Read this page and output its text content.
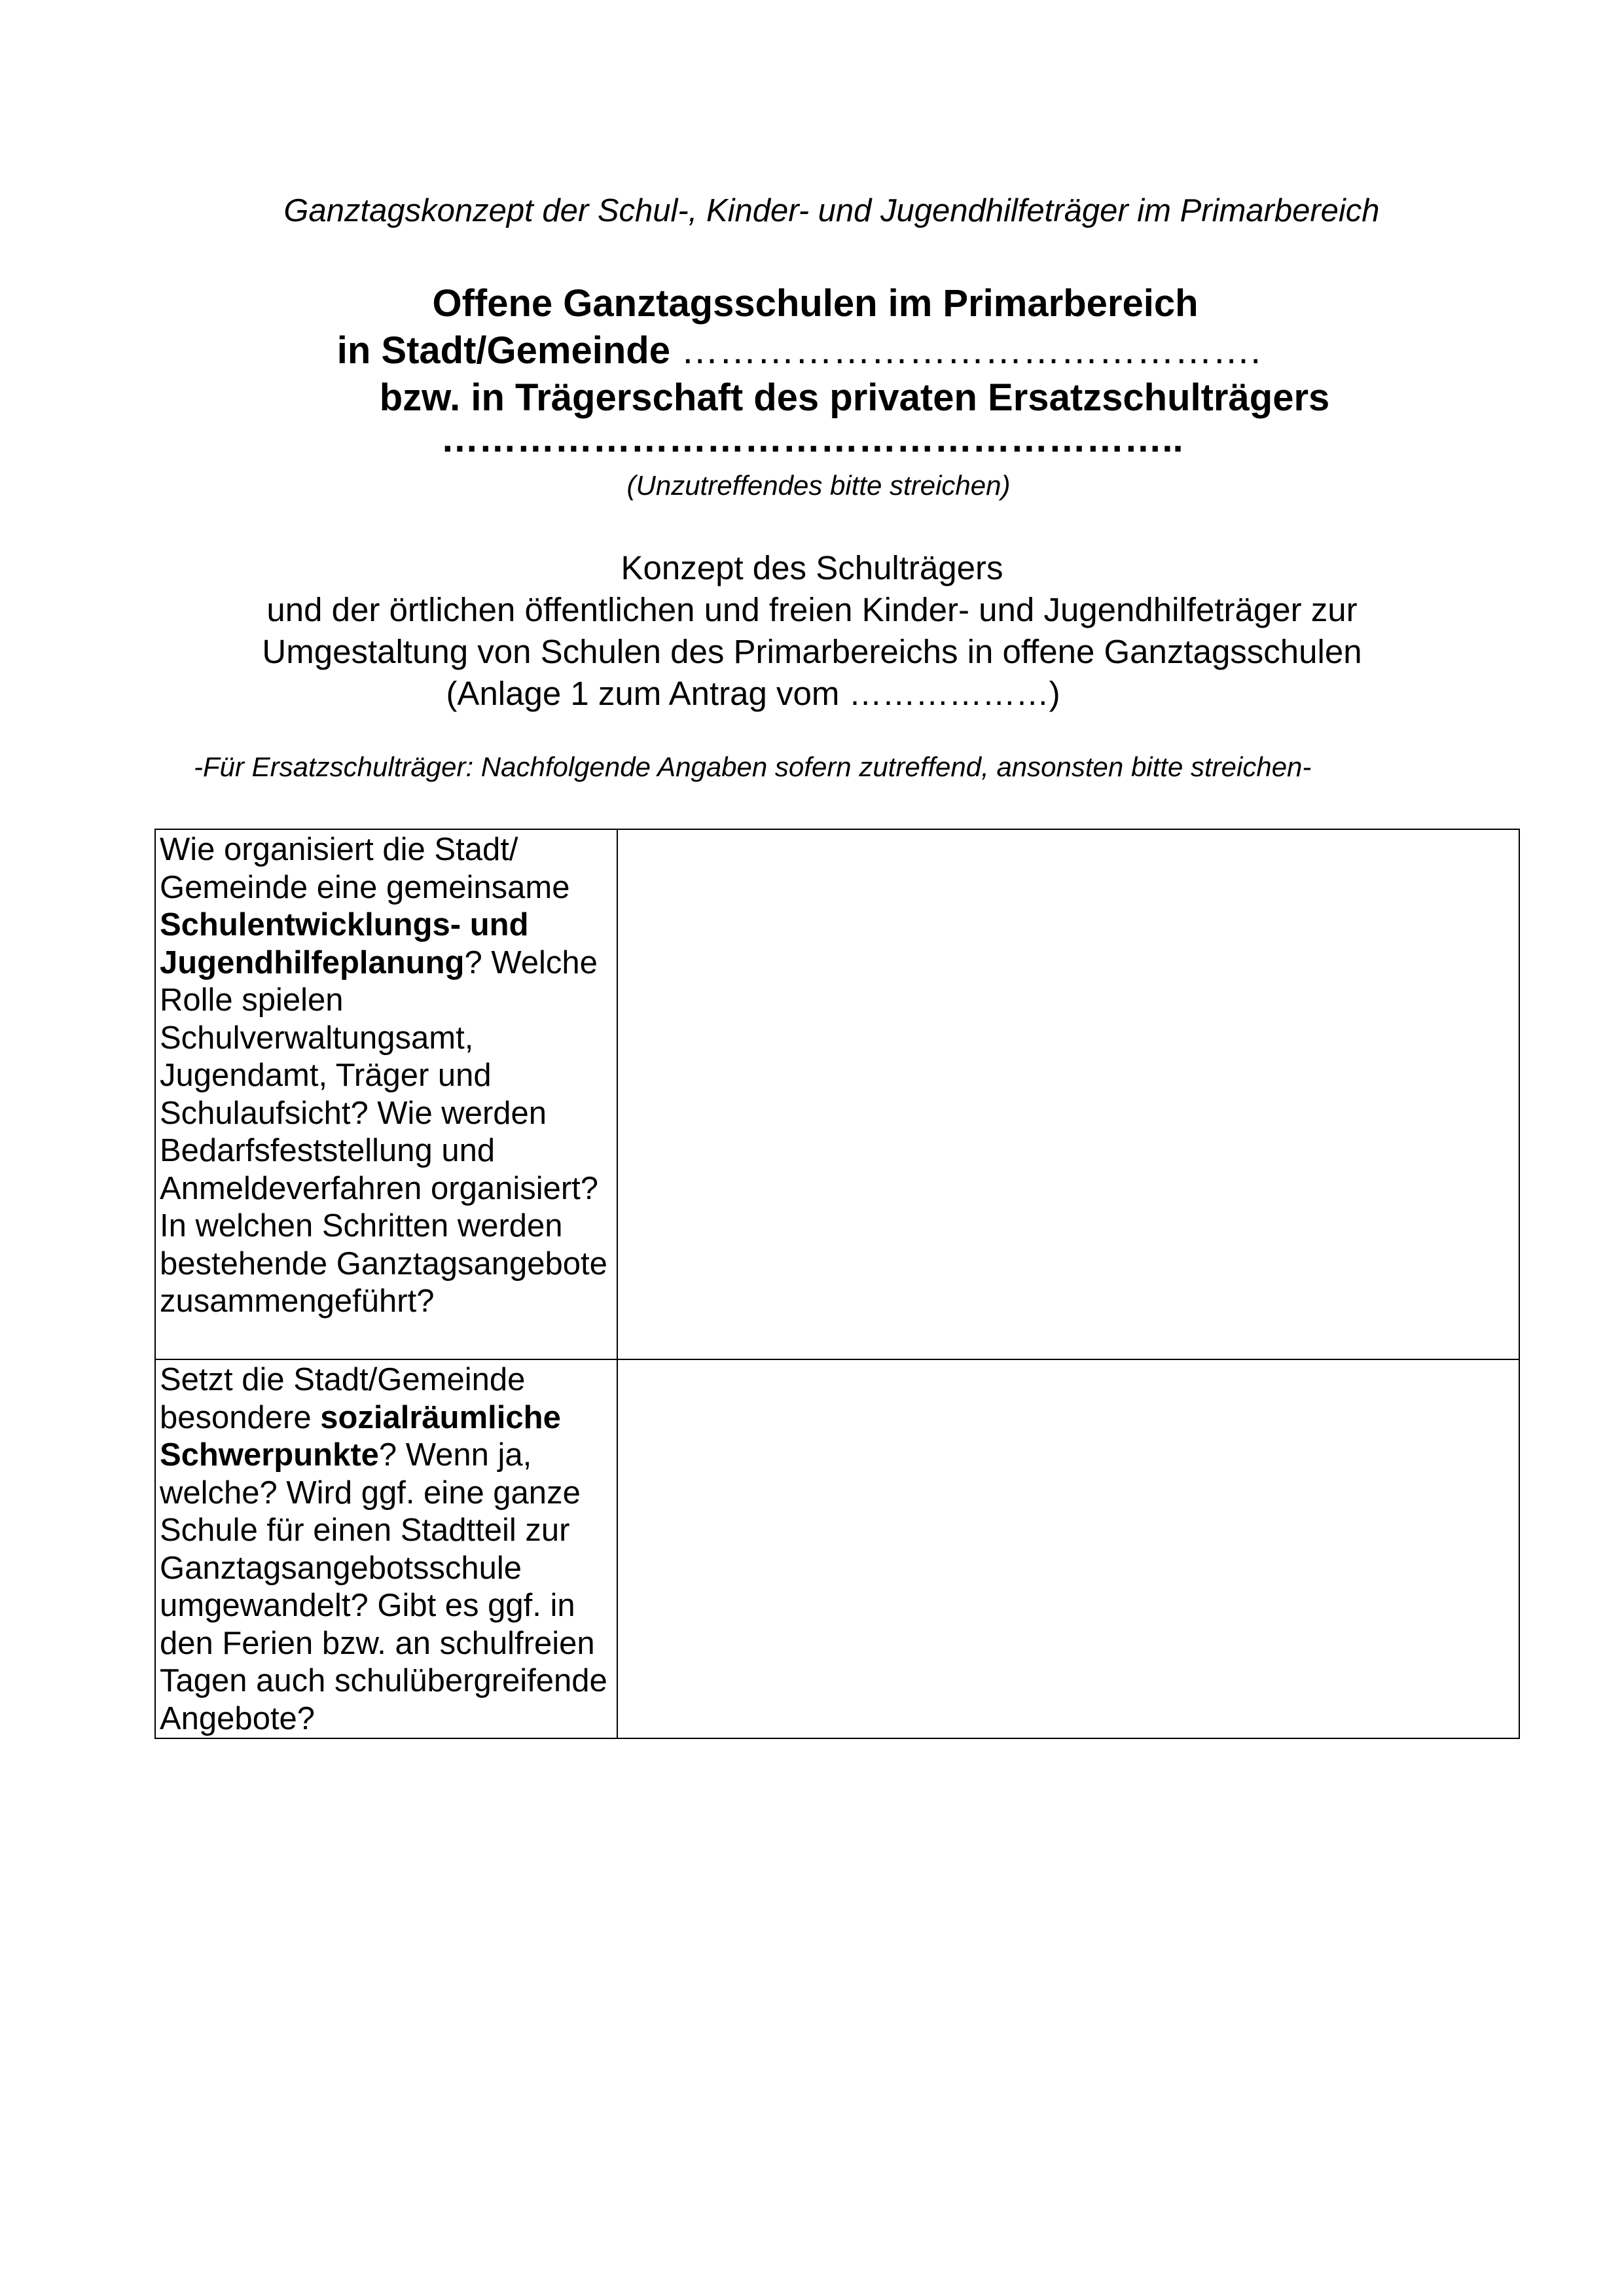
Ganztagskonzept der Schul-, Kinder- und Jugendhilfeträger im Primarbereich
Offene Ganztagsschulen im Primarbereich
in Stadt/Gemeinde ……………………………………….
bzw. in Trägerschaft des privaten Ersatzschulträgers
…………………………………………………..
(Unzutreffendes bitte streichen)
Konzept des Schulträgers
und der örtlichen öffentlichen und freien Kinder- und Jugendhilfeträger zur
Umgestaltung von Schulen des Primarbereichs in offene Ganztagsschulen
(Anlage 1 zum Antrag vom ………………)
-Für Ersatzschulträger: Nachfolgende Angaben sofern zutreffend, ansonsten bitte streichen-
Wie organisiert die Stadt/ Gemeinde eine gemeinsame Schulentwicklungs- und Jugendhilfeplanung? Welche Rolle spielen Schulverwaltungsamt, Jugendamt, Träger und Schulaufsicht? Wie werden Bedarfsfeststellung und Anmeldeverfahren organisiert? In welchen Schritten werden bestehende Ganztagsangebote zusammengeführt?	

Setzt die Stadt/Gemeinde besondere sozialräumliche Schwerpunkte? Wenn ja, welche? Wird ggf. eine ganze Schule für einen Stadtteil zur Ganztagsangebotsschule umgewandelt? Gibt es ggf. in den Ferien bzw. an schulfreien Tagen auch schulübergreifende Angebote?	
